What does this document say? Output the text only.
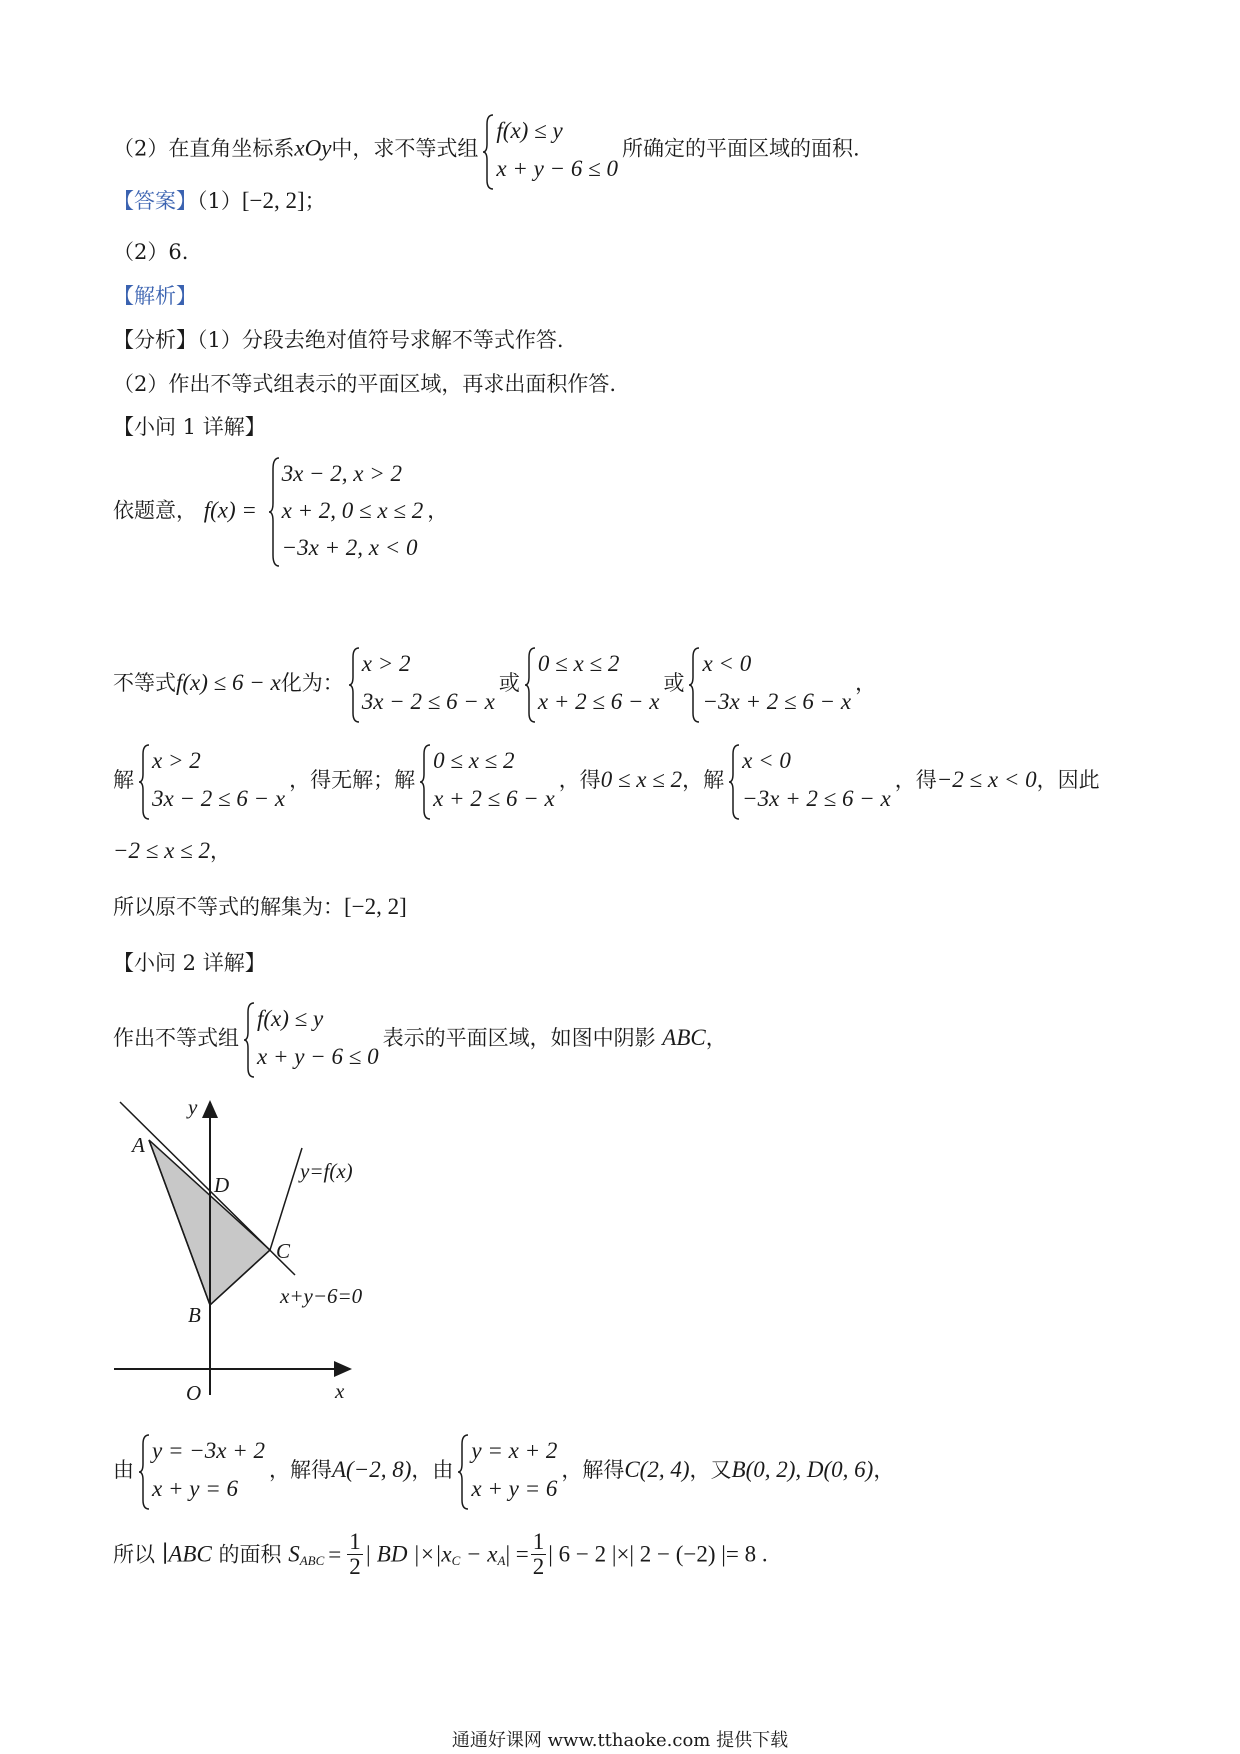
（2）在直角坐标系xOy中，求不等式组
f(x) ≤ y
x + y − 6 ≤ 0
所确定的平面区域的面积.
【答案】（1）[−2, 2]；
（2）6.
【解析】
【分析】（1）分段去绝对值符号求解不等式作答.
（2）作出不等式组表示的平面区域，再求出面积作答.
【小问 1 详解】
依题意， f(x) =
3x − 2, x > 2
x + 2, 0 ≤ x ≤ 2
−3x + 2, x < 0
，
不等式f(x) ≤ 6 − x化为：
x > 2
3x − 2 ≤ 6 − x
或
0 ≤ x ≤ 2
x + 2 ≤ 6 − x
或
x < 0
−3x + 2 ≤ 6 − x
，
解
x > 2
3x − 2 ≤ 6 − x
，得无解；解
0 ≤ x ≤ 2
x + 2 ≤ 6 − x
，得0 ≤ x ≤ 2，解
x < 0
−3x + 2 ≤ 6 − x
，得−2 ≤ x < 0，因此
−2 ≤ x ≤ 2，
所以原不等式的解集为：[−2, 2]
【小问 2 详解】
作出不等式组
f(x) ≤ y
x + y − 6 ≤ 0
表示的平面区域，如图中阴影 ABC，
y
x
O
A
B
C
D
y=f(x)
x+y−6=0
由
y = −3x + 2
x + y = 6
，解得A(−2, 8)，由
y = x + 2
x + y = 6
，解得C(2, 4)，又B(0, 2), D(0, 6)，
所以 ∣ABC 的面积 $S_{ABC} = \frac{1}{2}$ | BD $|\times|x_C - x_A| = \frac{1}{2}$ | 6 − 2 |×| 2 − (−2) |= 8 .
通通好课网 www.tthaoke.com 提供下载
